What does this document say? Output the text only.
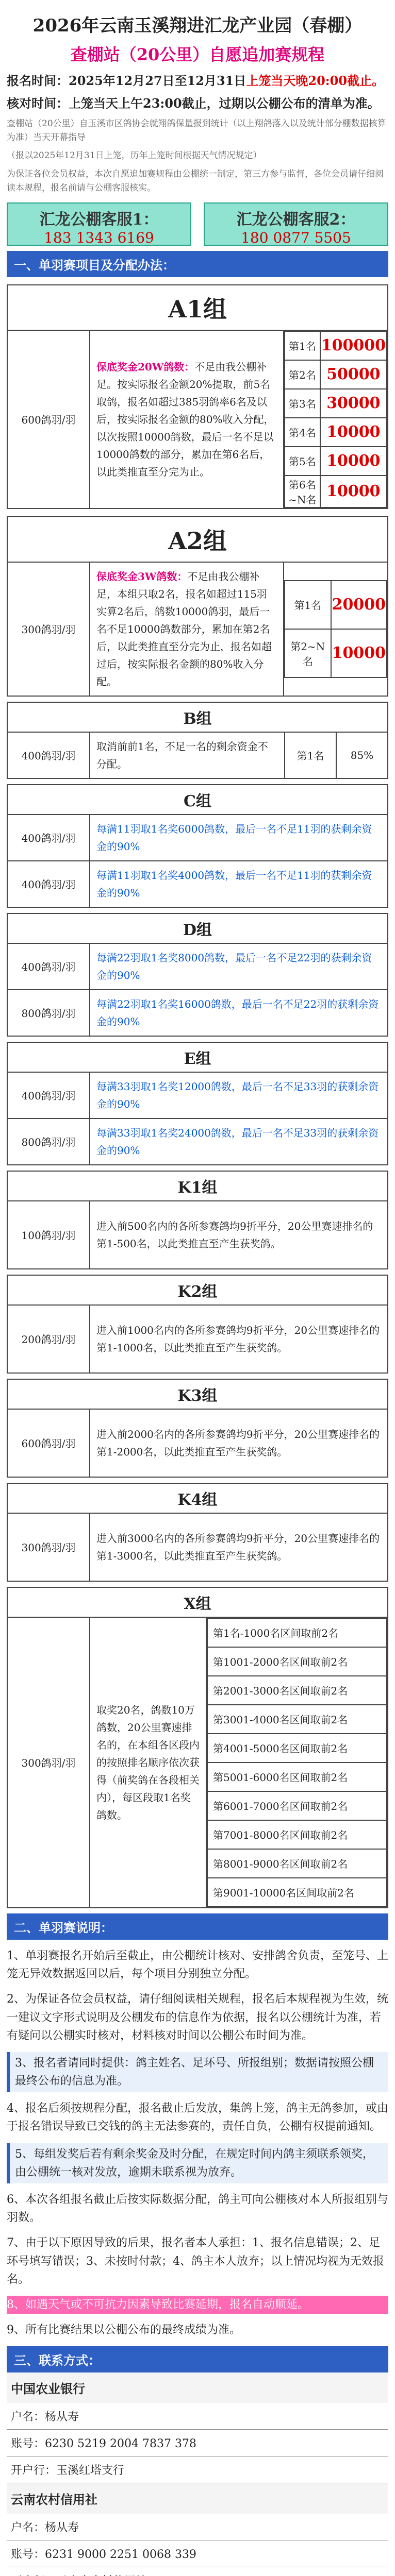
2026年云南玉溪翔进汇龙产业园（春棚）
查棚站（20公里）自愿追加赛规程

报名时间：2025年12月27日至12月31日上笼当天晚20:00截止。

核对时间：上笼当天上午23:00截止，过期以公棚公布的清单为准。

查棚站（20公里）自玉溪市区鸽协会就翔鸽保量报到统计（以上翔鸽落入以及统计部分棚数据核算为准）当天开幕指导

（报以2025年12月31日上笼，历年上笼时间根据天气情况规定）

为保证各位会员权益，本次自愿追加赛规程由公棚统一制定，第三方参与监督，各位会员请仔细阅读本规程，报名前请与公棚客服核实。

汇龙公棚客服1：
183 1343 6169
汇龙公棚客服2：
180 0877 5505
一、单羽赛项目及分配办法：
A1组
600鸽羽/羽	保底奖金20W鸽数：不足由我公棚补足。按实际报名金额20%提取，前5名取鸽，报名如超过385羽鸽率6名及以后，按实际报名金额的80%收入分配，以次按照10000鸽数，最后一名不足以10000鸽数的部分，累加在第6名后，以此类推直至分完为止。	
第1名	100000
第2名	50000
第3名	30000
第4名	10000
第5名	10000
第6名~N名	10000
A2组
300鸽羽/羽	保底奖金3W鸽数：不足由我公棚补足，本组只取2名，报名如超过115羽实算2名后，鸽数10000鸽羽，最后一名不足10000鸽数部分，累加在第2名后，以此类推直至分完为止，报名如超过后，按实际报名金额的80%收入分配。	
第1名	20000
第2~N名	10000
B组
400鸽羽/羽	取消前前1名，不足一名的剩余资金不分配。	第1名	85%
C组
400鸽羽/羽	每满11羽取1名奖6000鸽数，最后一名不足11羽的获剩余资金的90%
400鸽羽/羽	每满11羽取1名奖4000鸽数，最后一名不足11羽的获剩余资金的90%
D组
400鸽羽/羽	每满22羽取1名奖8000鸽数，最后一名不足22羽的获剩余资金的90%
800鸽羽/羽	每满22羽取1名奖16000鸽数，最后一名不足22羽的获剩余资金的90%
E组
400鸽羽/羽	每满33羽取1名奖12000鸽数，最后一名不足33羽的获剩余资金的90%
800鸽羽/羽	每满33羽取1名奖24000鸽数，最后一名不足33羽的获剩余资金的90%
K1组
100鸽羽/羽	进入前500名内的各所参赛鸽均9折平分，20公里赛速排名的第1-500名，以此类推直至产生获奖鸽。
K2组
200鸽羽/羽	进入前1000名内的各所参赛鸽均9折平分，20公里赛速排名的第1-1000名，以此类推直至产生获奖鸽。
K3组
600鸽羽/羽	进入前2000名内的各所参赛鸽均9折平分，20公里赛速排名的第1-2000名，以此类推直至产生获奖鸽。
K4组
300鸽羽/羽	进入前3000名内的各所参赛鸽均9折平分，20公里赛速排名的第1-3000名，以此类推直至产生获奖鸽。
X组
300鸽羽/羽	取奖20名，鸽数10万鸽数，20公里赛速排名的，在本组各区段内的按照排名顺序依次获得（前奖鸽在各段相关内），每区段取1名奖鸽数。	
第1名-1000名区间取前2名
第1001-2000名区间取前2名
第2001-3000名区间取前2名
第3001-4000名区间取前2名
第4001-5000名区间取前2名
第5001-6000名区间取前2名
第6001-7000名区间取前2名
第7001-8000名区间取前2名
第8001-9000名区间取前2名
第9001-10000名区间取前2名
二、单羽赛说明：

1、单羽赛报名开始后至截止，由公棚统计核对、安排鸽舍负责，至笼号、上笼无异效数据返回以后，每个项目分别独立分配。

2、为保证各位会员权益，请仔细阅读相关规程，报名后本规程视为生效，统一建议文字形式说明及公棚发布的信息作为依据，报名以公棚统计为准，若有疑问以公棚实时核对，材料核对时间以公棚公布时间为准。

3、报名者请同时提供：鸽主姓名、足环号、所报组别；数据请按照公棚最终公布的信息为准。

4、报名后须按规程分配，报名截止后发放，集鸽上笼，鸽主无鸽参加，或由于报名错误导致已交钱的鸽主无法参赛的，责任自负，公棚有权提前通知。

5、每组发奖后若有剩余奖金及时分配，在规定时间内鸽主须联系领奖，由公棚统一核对发放，逾期未联系视为放弃。

6、本次各组报名截止后按实际数据分配，鸽主可向公棚核对本人所报组别与羽数。

7、由于以下原因导致的后果，报名者本人承担：1、报名信息错误；2、足环号填写错误；3、未按时付款；4、鸽主本人放弃；以上情况均视为无效报名。

8、如遇天气或不可抗力因素导致比赛延期，报名自动顺延。

9、所有比赛结果以公棚公布的最终成绩为准。

三、联系方式：
中国农业银行
户名：杨从寿
账号：6230 5219 2004 7837 378
开户行：玉溪红塔支行
云南农村信用社
户名：杨从寿
账号：6231 9000 2251 0068 339
